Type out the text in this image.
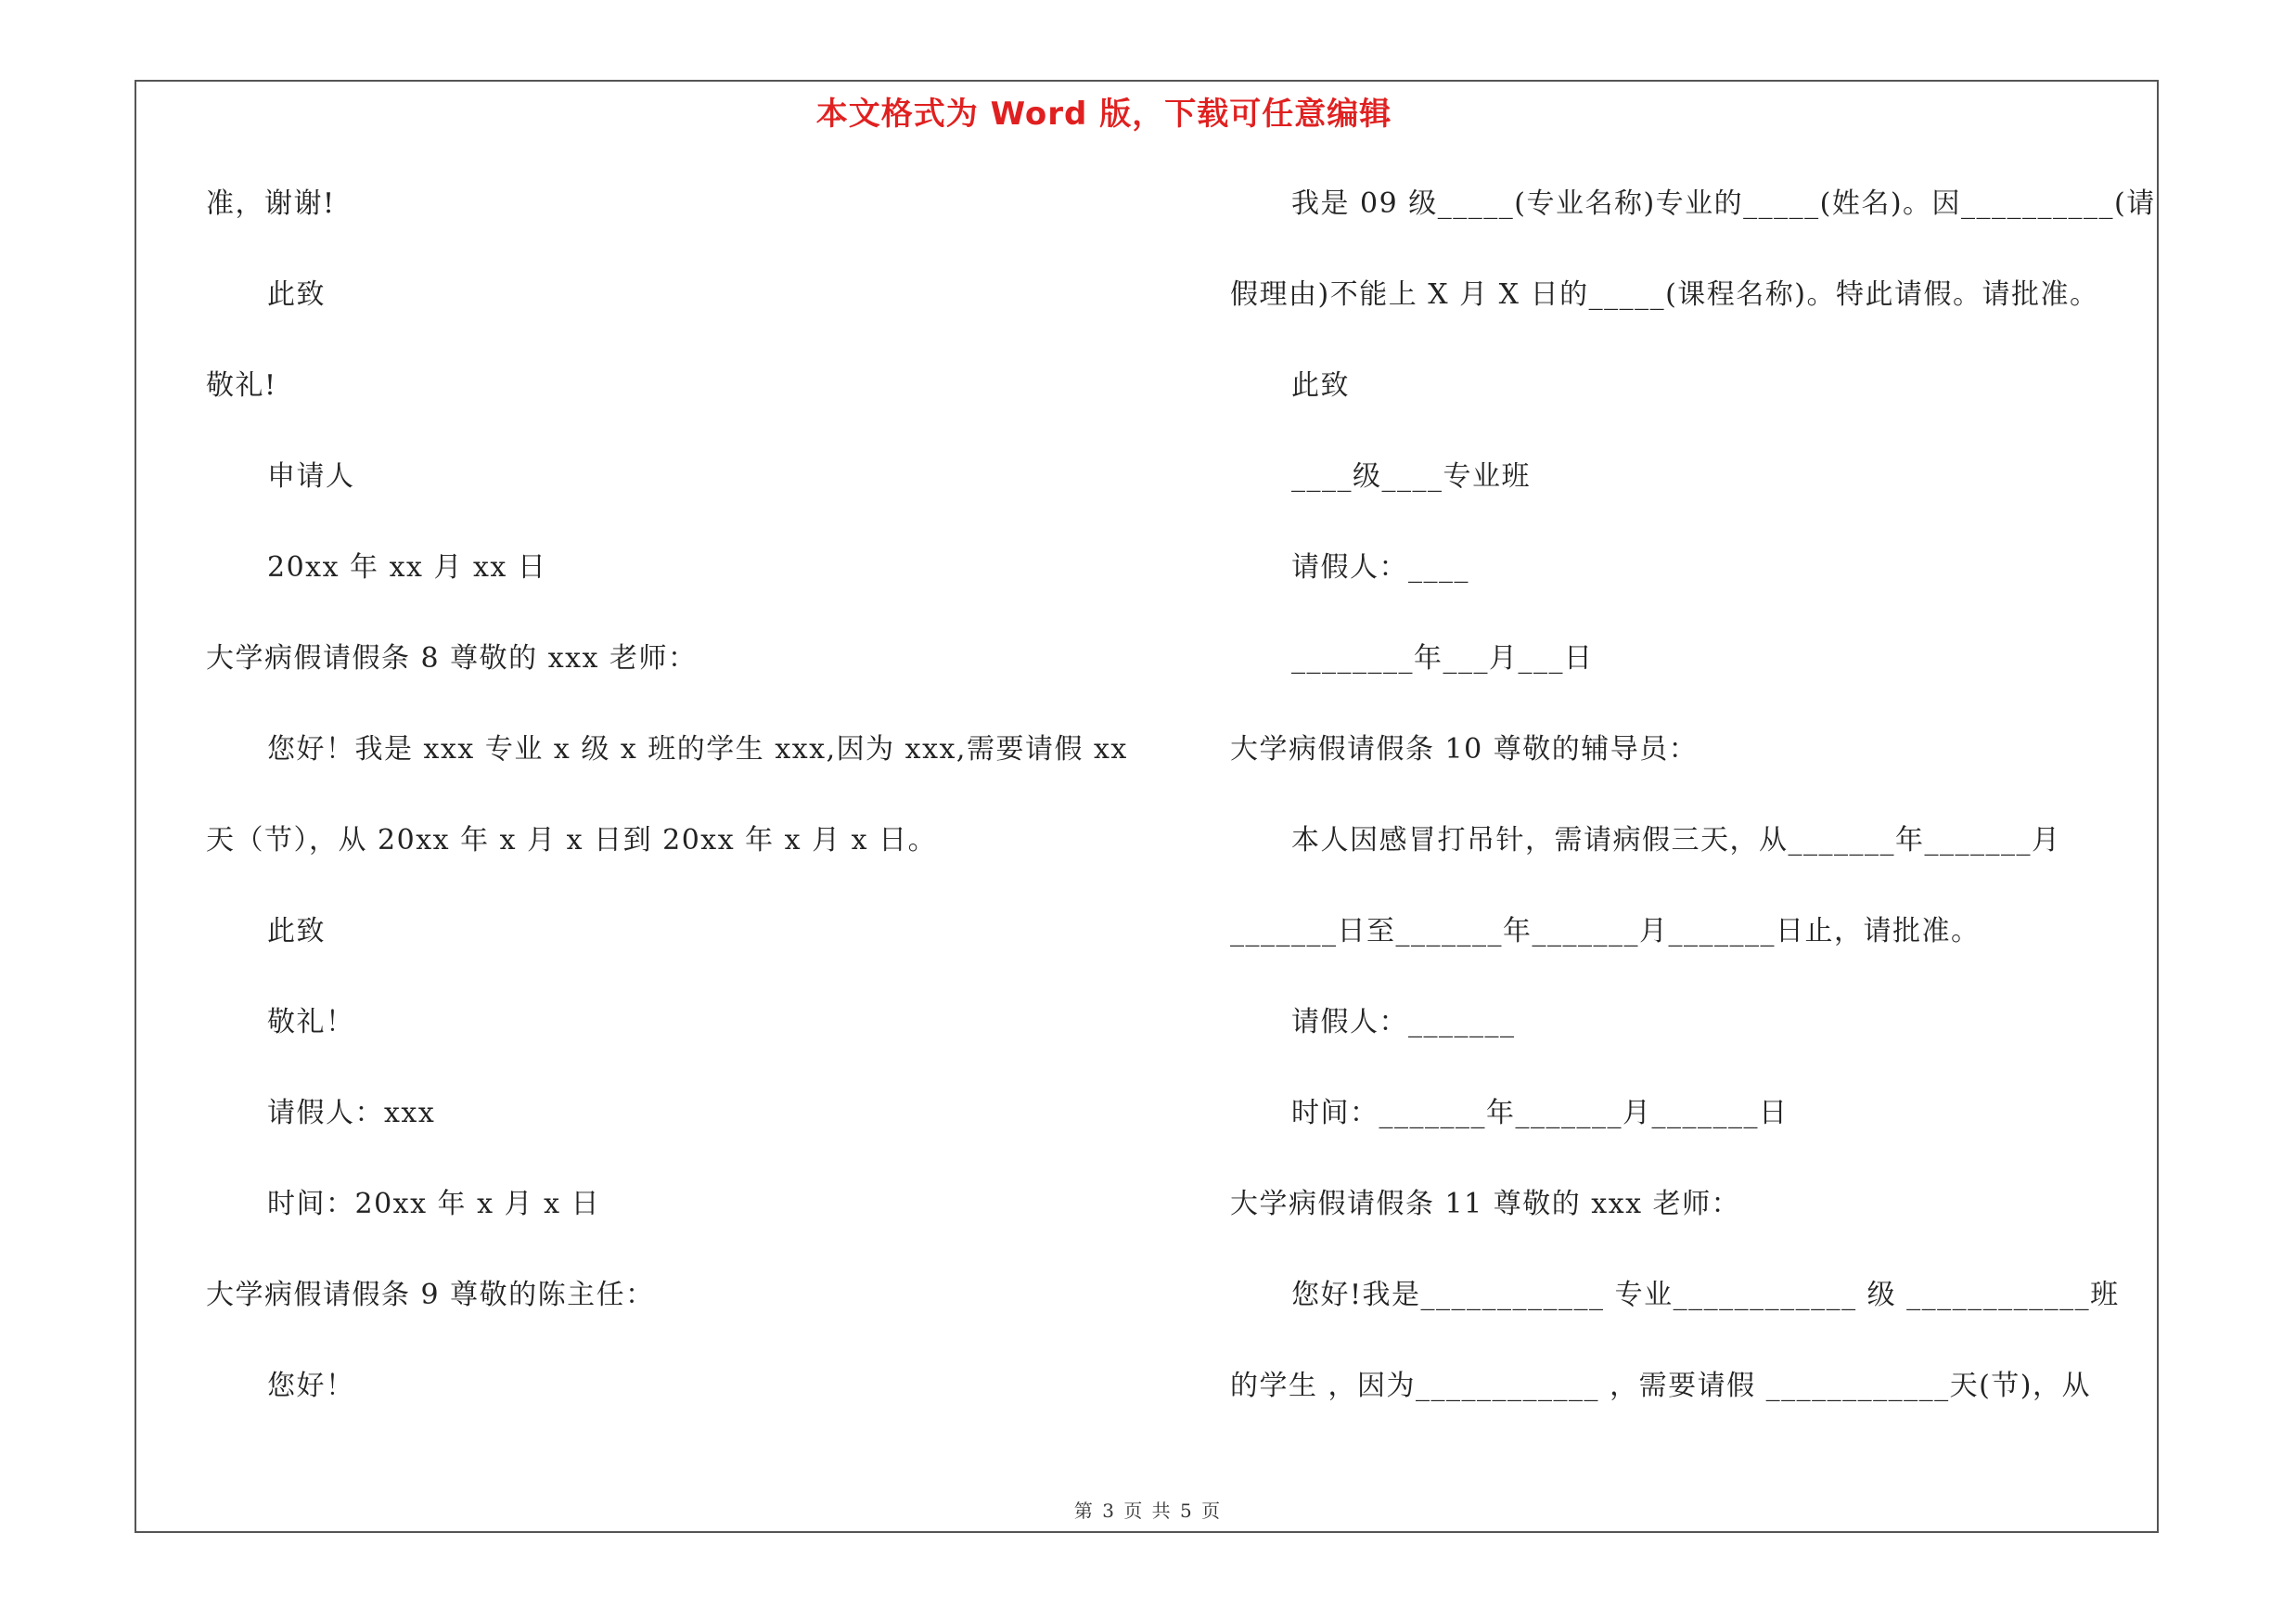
本文格式为 Word 版，下载可任意编辑
准，谢谢!
此致
敬礼!
申请人
20xx 年 xx 月 xx 日
大学病假请假条 8 尊敬的 xxx 老师：
您好！我是 xxx 专业 x 级 x 班的学生 xxx,因为 xxx,需要请假 xx
天（节），从 20xx 年 x 月 x 日到 20xx 年 x 月 x 日。
此致
敬礼！
请假人：xxx
时间：20xx 年 x 月 x 日
大学病假请假条 9 尊敬的陈主任：
您好！
我是 09 级_____(专业名称)专业的_____(姓名)。因__________(请
假理由)不能上 X 月 X 日的_____(课程名称)。特此请假。请批准。
此致
____级____专业班
请假人：____
________年___月___日
大学病假请假条 10 尊敬的辅导员：
本人因感冒打吊针，需请病假三天，从_______年_______月
_______日至_______年_______月_______日止，请批准。
请假人：_______
时间：_______年_______月_______日
大学病假请假条 11 尊敬的 xxx 老师：
您好!我是____________ 专业____________ 级 ____________班
的学生 ，因为____________ ，需要请假 ____________天(节)，从
第 3 页 共 5 页
